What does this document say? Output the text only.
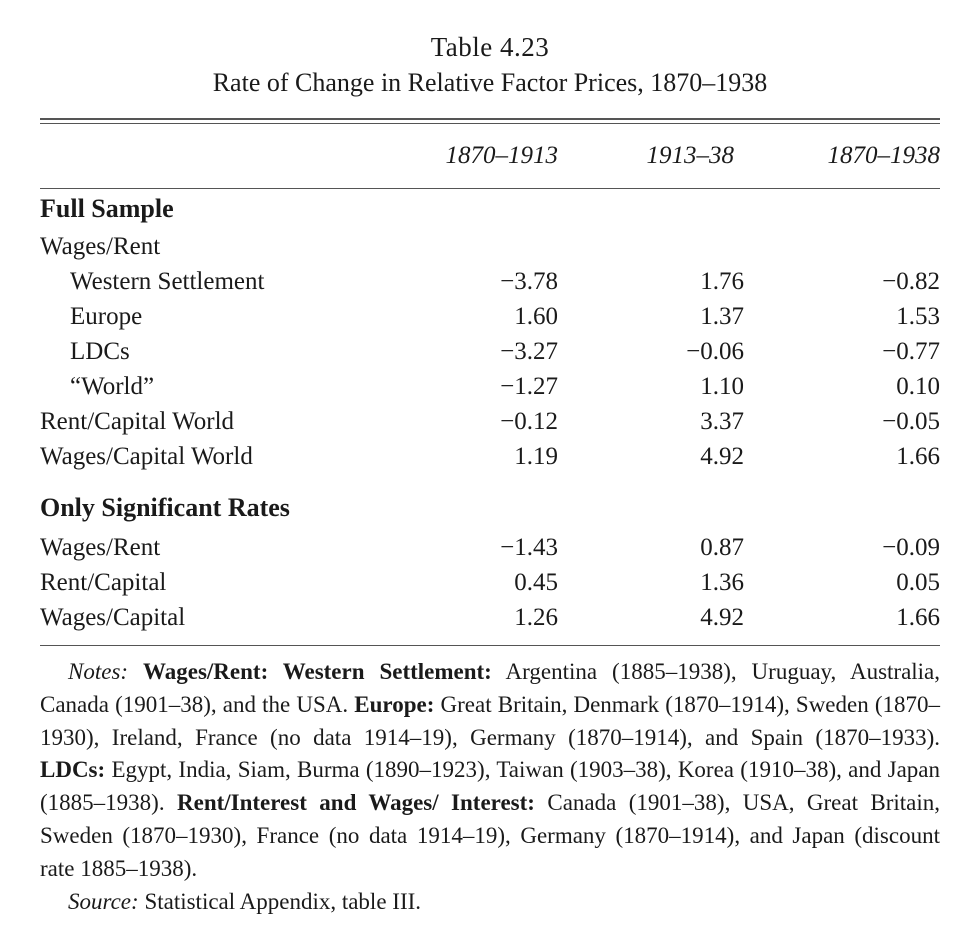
Table 4.23
Rate of Change in Relative Factor Prices, 1870–1938
	1870–1913	1913–38	1870–1938

Full Sample			
Wages/Rent			
Western Settlement	−3.78	1.76	−0.82
Europe	1.60	1.37	1.53
LDCs	−3.27	−0.06	−0.77
“World”	−1.27	1.10	0.10
Rent/Capital World	−0.12	3.37	−0.05
Wages/Capital World	1.19	4.92	1.66
Only Significant Rates			
Wages/Rent	−1.43	0.87	−0.09
Rent/Capital	0.45	1.36	0.05
Wages/Capital	1.26	4.92	1.66

Notes: Wages/Rent: Western Settlement: Argentina (1885–1938), Uruguay, Australia, Canada (1901–38), and the USA. Europe: Great Britain, Denmark (1870–1914), Sweden (1870–1930), Ireland, France (no data 1914–19), Germany (1870–1914), and Spain (1870–1933). LDCs: Egypt, India, Siam, Burma (1890–1923), Taiwan (1903–38), Korea (1910–38), and Japan (1885–1938). Rent/Interest and Wages/ Interest: Canada (1901–38), USA, Great Britain, Sweden (1870–1930), France (no data 1914–19), Germany (1870–1914), and Japan (discount rate 1885–1938).

Source: Statistical Appendix, table III.
